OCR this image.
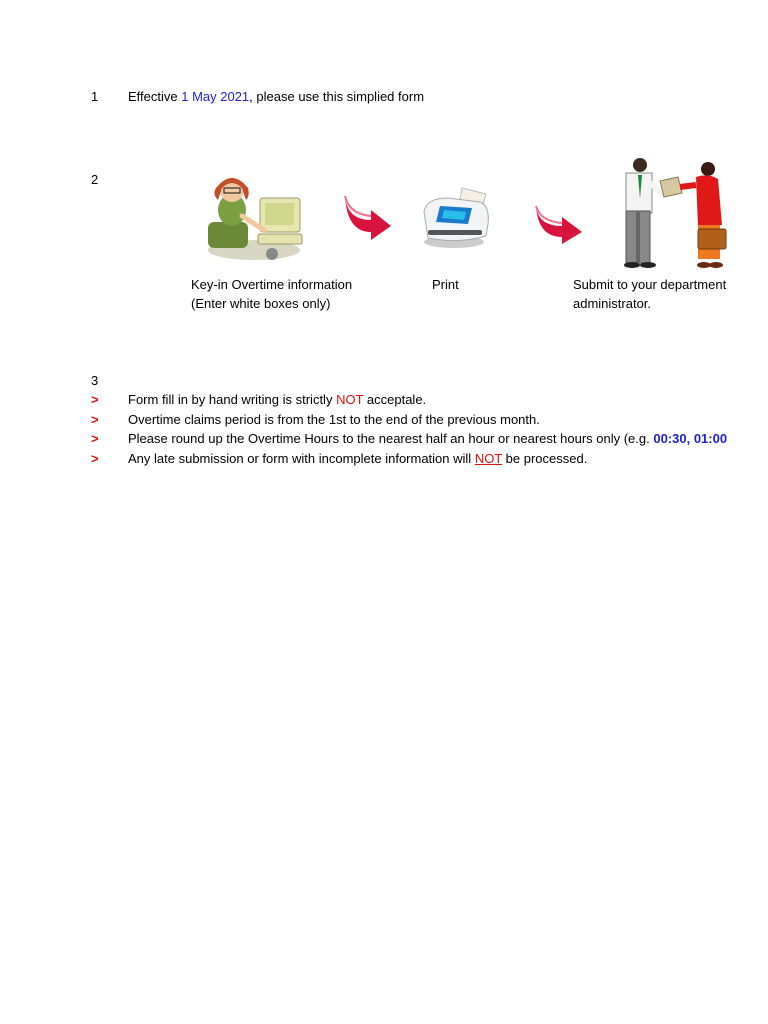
1 Effective 1 May 2021, please use this simplied form
2
Key-in Overtime information
(Enter white boxes only)
Print	Submit to your department
administrator.
3
> Form fill in by hand writing is strictly NOT acceptale.
> Overtime claims period is from the 1st to the end of the previous month.
> Please round up the Overtime Hours to the nearest half an hour or nearest hours only (e.g. 00:30, 01:00
> Any late submission or form with incomplete information will NOT be processed.
